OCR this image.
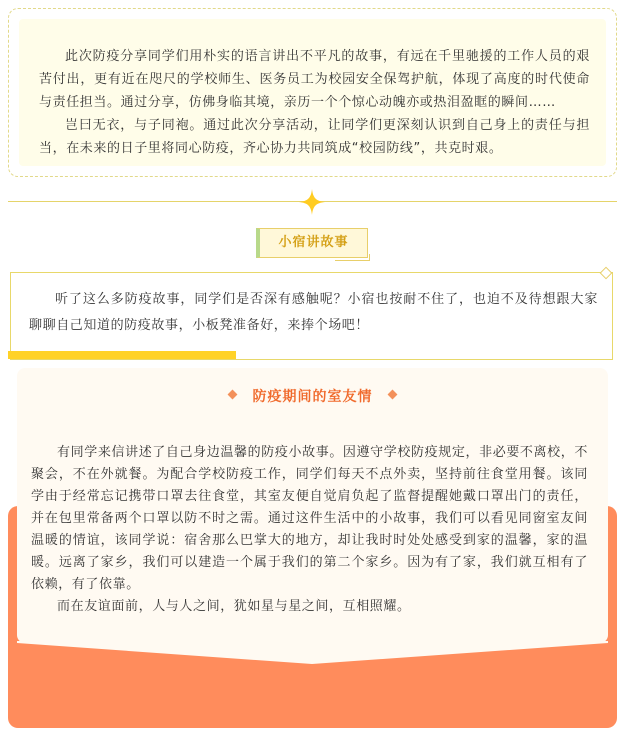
此次防疫分享同学们用朴实的语言讲出不平凡的故事，有远在千里驰援的工作人员的艰苦付出，更有近在咫尺的学校师生、医务员工为校园安全保驾护航，体现了高度的时代使命与责任担当。通过分享，仿佛身临其境，亲历一个个惊心动魄亦或热泪盈眶的瞬间……

岂曰无衣，与子同袍。通过此次分享活动，让同学们更深刻认识到自己身上的责任与担当，在未来的日子里将同心防疫，齐心协力共同筑成“校园防线”，共克时艰。

小宿讲故事

听了这么多防疫故事，同学们是否深有感触呢？小宿也按耐不住了，也迫不及待想跟大家聊聊自己知道的防疫故事，小板凳准备好，来捧个场吧！

防疫期间的室友情

有同学来信讲述了自己身边温馨的防疫小故事。因遵守学校防疫规定，非必要不离校，不聚会，不在外就餐。为配合学校防疫工作，同学们每天不点外卖，坚持前往食堂用餐。该同学由于经常忘记携带口罩去往食堂，其室友便自觉肩负起了监督提醒她戴口罩出门的责任，并在包里常备两个口罩以防不时之需。通过这件生活中的小故事，我们可以看见同窗室友间温暖的情谊，该同学说：宿舍那么巴掌大的地方，却让我时时处处感受到家的温馨，家的温暖。远离了家乡，我们可以建造一个属于我们的第二个家乡。因为有了家，我们就互相有了依赖，有了依靠。

而在友谊面前，人与人之间，犹如星与星之间，互相照耀。
